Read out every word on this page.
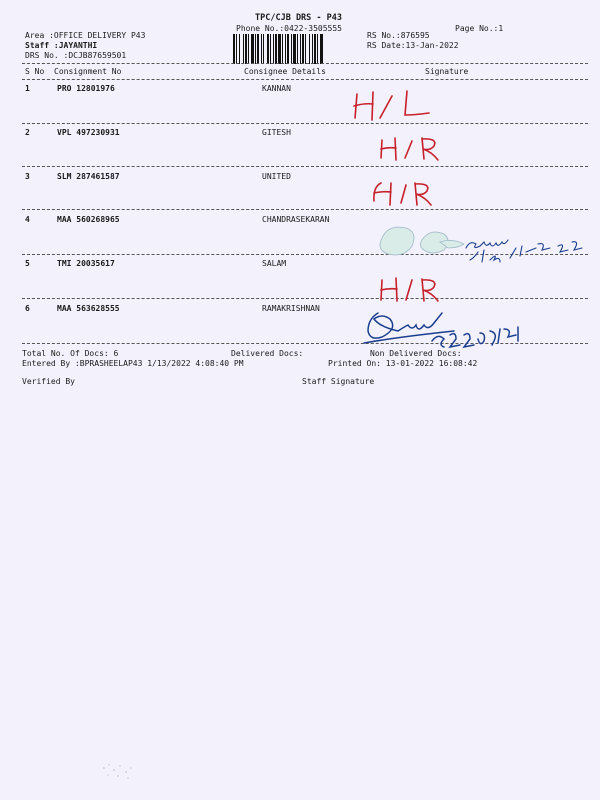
TPC/CJB DRS - P43
Phone No.:0422-3505555	Page No.:1
Area :OFFICE DELIVERY P43
Staff :JAYANTHI
DRS No. :DCJB87659501
RS No.:876595
RS Date:13-Jan-2022
S No Consignment No	Consignee Details	Signature
1	PRO 12801976	KANNAN
2	VPL 497230931	GITESH
3	SLM 287461587	UNITED
4	MAA 560268965	CHANDRASEKARAN
5	TMI 20035617	SALAM
6	MAA 563628555	RAMAKRISHNAN
Total No. Of Docs: 6	Delivered Docs:	Non Delivered Docs:
Entered By :BPRASHEELAP43 1/13/2022 4:08:40 PM	Printed On: 13-01-2022 16:08:42
Verified By	Staff Signature
